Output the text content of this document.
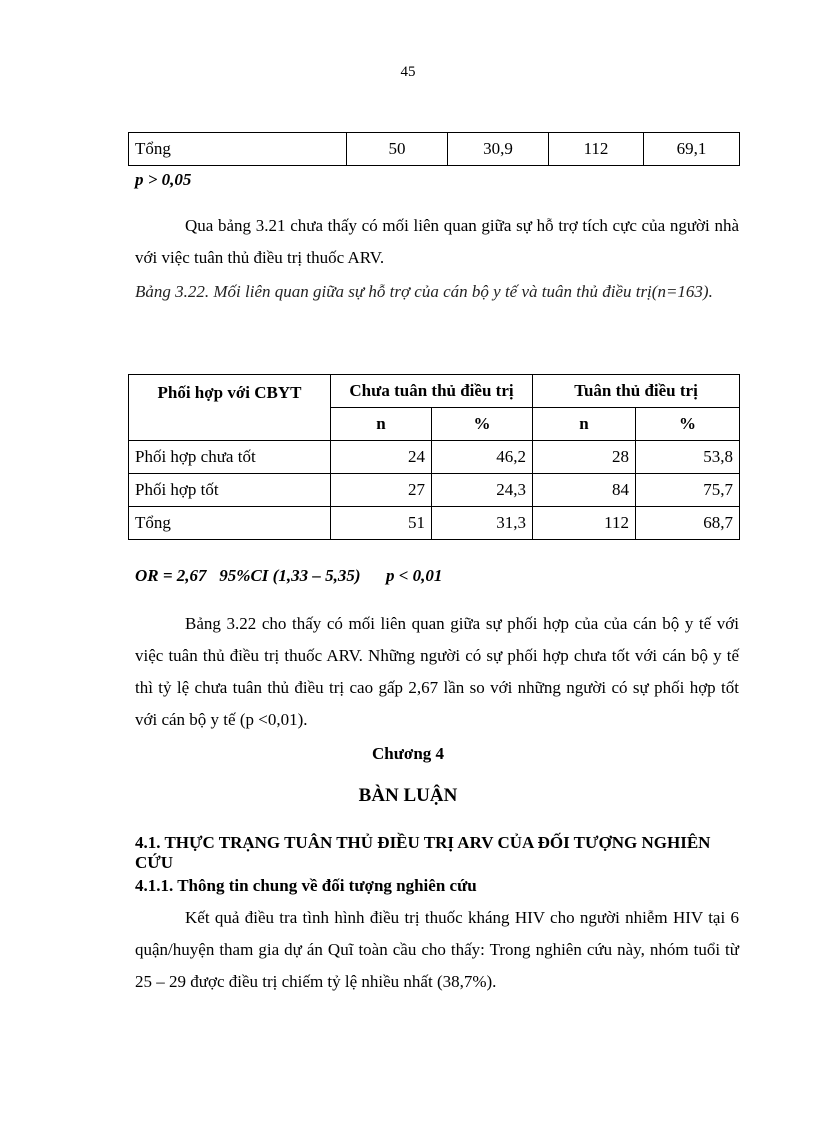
45
Tổng	50	30,9	112	69,1
p > 0,05
Qua bảng 3.21 chưa thấy có mối liên quan giữa sự hỗ trợ tích cực của người nhà với việc tuân thủ điều trị thuốc ARV.
Bảng 3.22. Mối liên quan giữa sự hỗ trợ của cán bộ y tế và tuân thủ điều trị(n=163).
Phối hợp với CBYT	Chưa tuân thủ điều trị		Tuân thủ điều trị	
	n	%	n	%
Phối hợp chưa tốt	24	46,2	28	53,8
Phối hợp tốt	27	24,3	84	75,7
Tổng	51	31,3	112	68,7
OR = 2,67   95%CI (1,33 – 5,35)      p < 0,01
Bảng 3.22 cho thấy có mối liên quan giữa sự phối hợp của của cán bộ y tế với việc tuân thủ điều trị thuốc ARV. Những người có sự phối hợp chưa tốt với cán bộ y tế thì tỷ lệ chưa tuân thủ điều trị cao gấp 2,67 lần so với những người có sự phối hợp tốt với cán bộ y tế (p <0,01).
Chương 4
BÀN LUẬN
4.1. THỰC TRẠNG TUÂN THỦ ĐIỀU TRỊ ARV CỦA ĐỐI TƯỢNG NGHIÊN CỨU
4.1.1. Thông tin chung về đối tượng nghiên cứu
Kết quả điều tra tình hình điều trị thuốc kháng HIV cho người nhiễm HIV tại 6 quận/huyện tham gia dự án Quĩ toàn cầu cho thấy: Trong nghiên cứu này, nhóm tuổi từ 25 – 29 được điều trị chiếm tỷ lệ nhiều nhất (38,7%).
